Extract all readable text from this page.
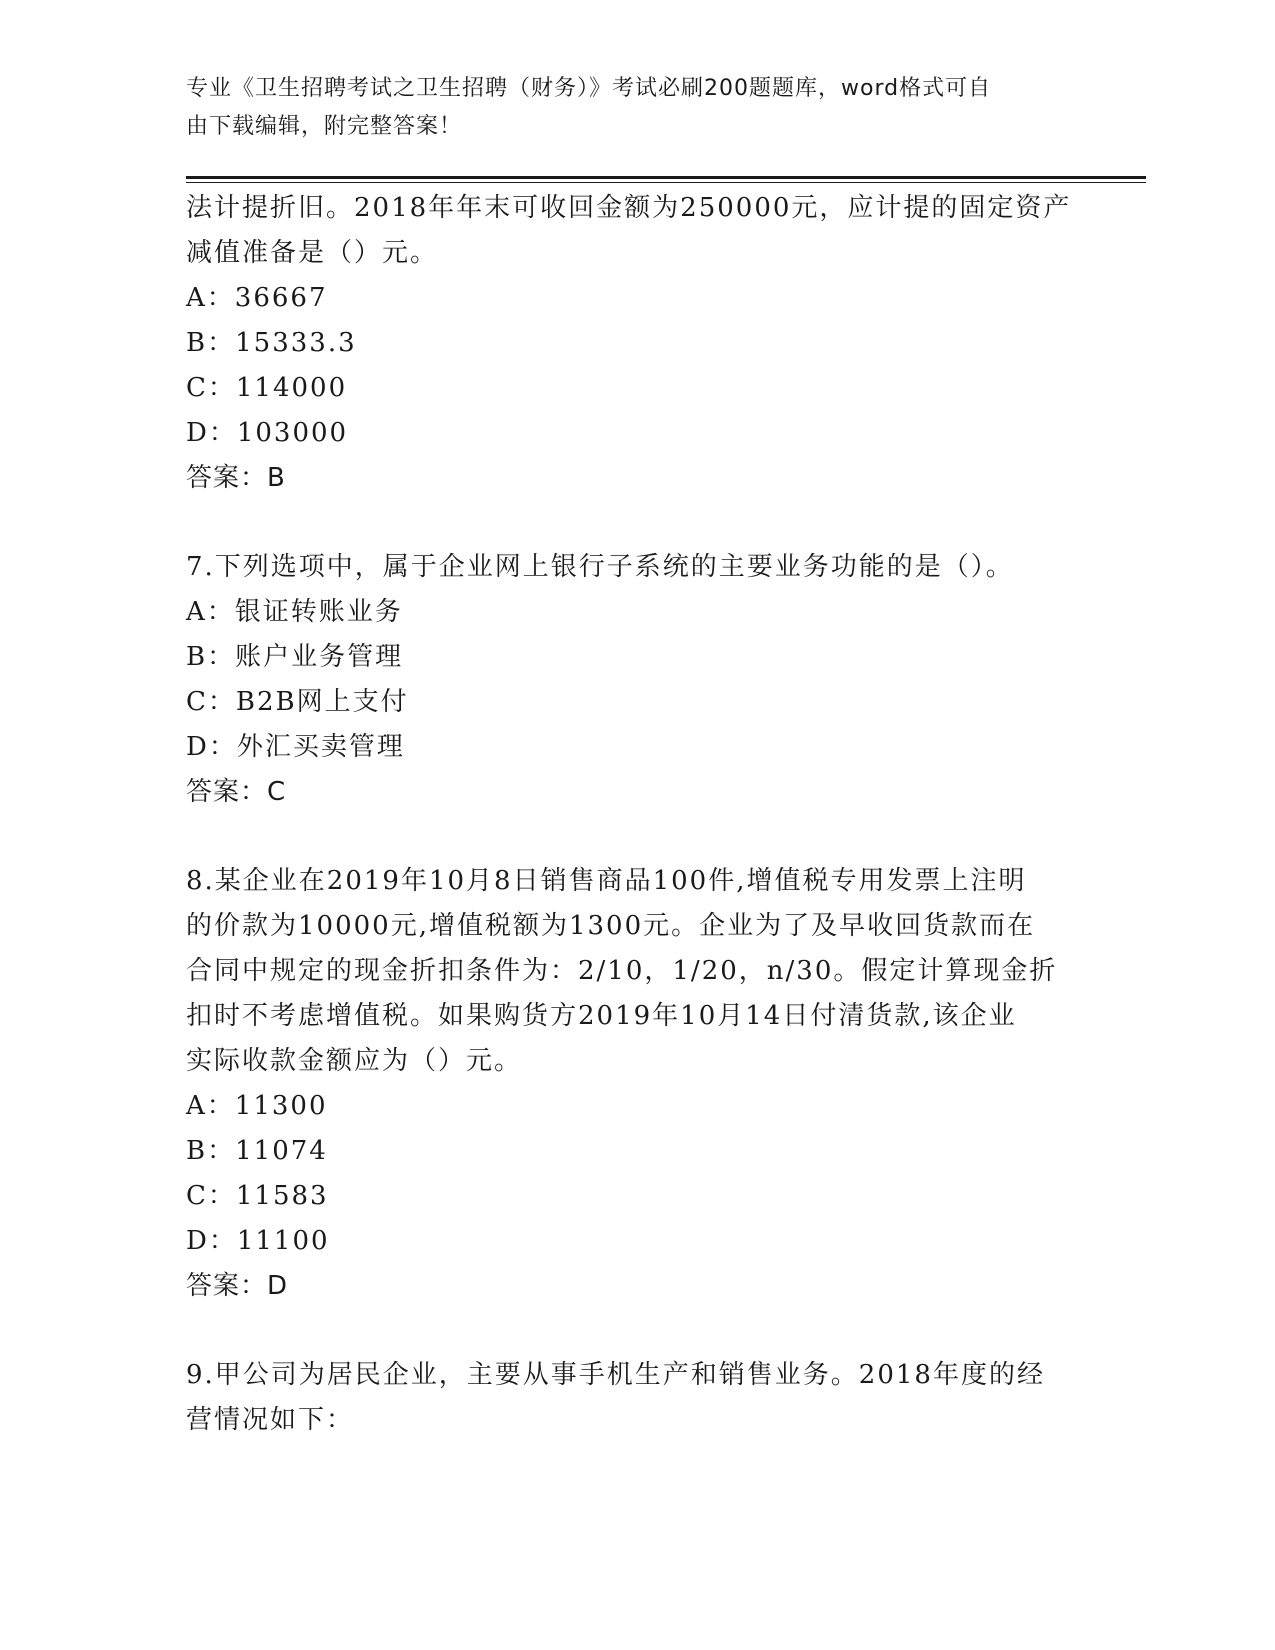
专业《卫生招聘考试之卫生招聘（财务）》考试必刷200题题库，word格式可自
由下载编辑，附完整答案！
法计提折旧。2018年年末可收回金额为250000元，应计提的固定资产
减值准备是（）元。
A：36667
B：15333.3
C：114000
D：103000
答案：B
7.下列选项中，属于企业网上银行子系统的主要业务功能的是（）。
A：银证转账业务
B：账户业务管理
C：B2B网上支付
D：外汇买卖管理
答案：C
8.某企业在2019年10月8日销售商品100件,增值税专用发票上注明
的价款为10000元,增值税额为1300元。企业为了及早收回货款而在
合同中规定的现金折扣条件为：2/10，1/20，n/30。假定计算现金折
扣时不考虑增值税。如果购货方2019年10月14日付清货款,该企业
实际收款金额应为（）元。
A：11300
B：11074
C：11583
D：11100
答案：D
9.甲公司为居民企业，主要从事手机生产和销售业务。2018年度的经
营情况如下：
